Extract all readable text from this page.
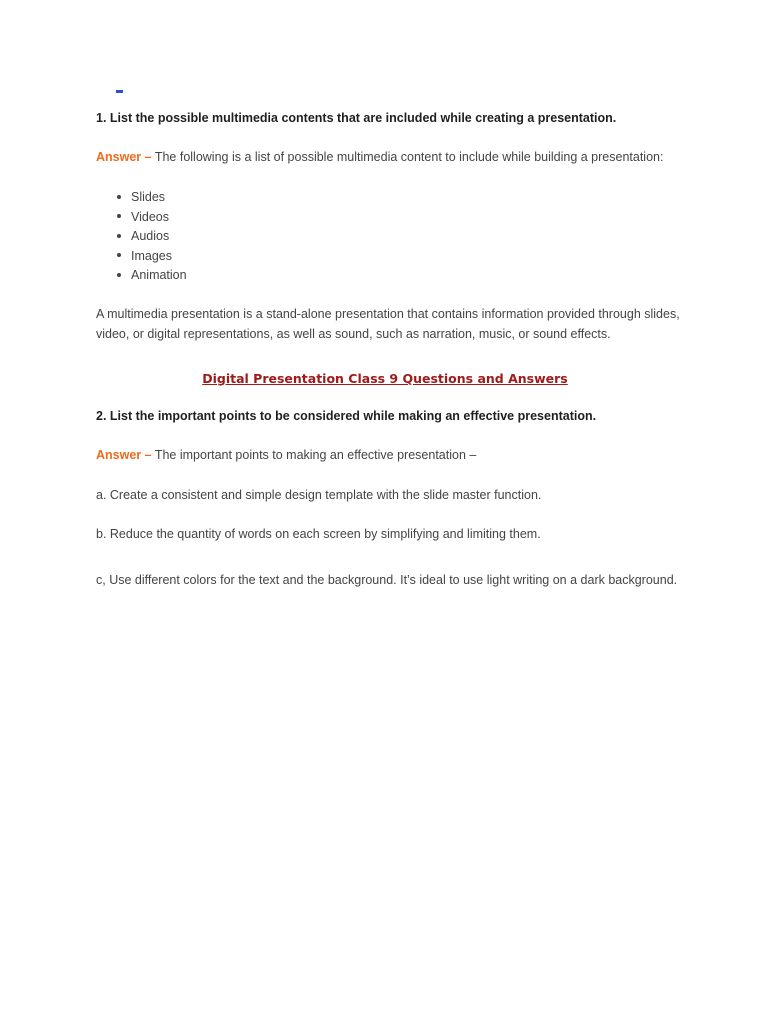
1. List the possible multimedia contents that are included while creating a presentation.
Answer – The following is a list of possible multimedia content to include while building a presentation:
Slides
Videos
Audios
Images
Animation
A multimedia presentation is a stand-alone presentation that contains information provided through slides, video, or digital representations, as well as sound, such as narration, music, or sound effects.
Digital Presentation Class 9 Questions and Answers
2. List the important points to be considered while making an effective presentation.
Answer – The important points to making an effective presentation –
a. Create a consistent and simple design template with the slide master function.
b. Reduce the quantity of words on each screen by simplifying and limiting them.
c, Use different colors for the text and the background. It’s ideal to use light writing on a dark background.
